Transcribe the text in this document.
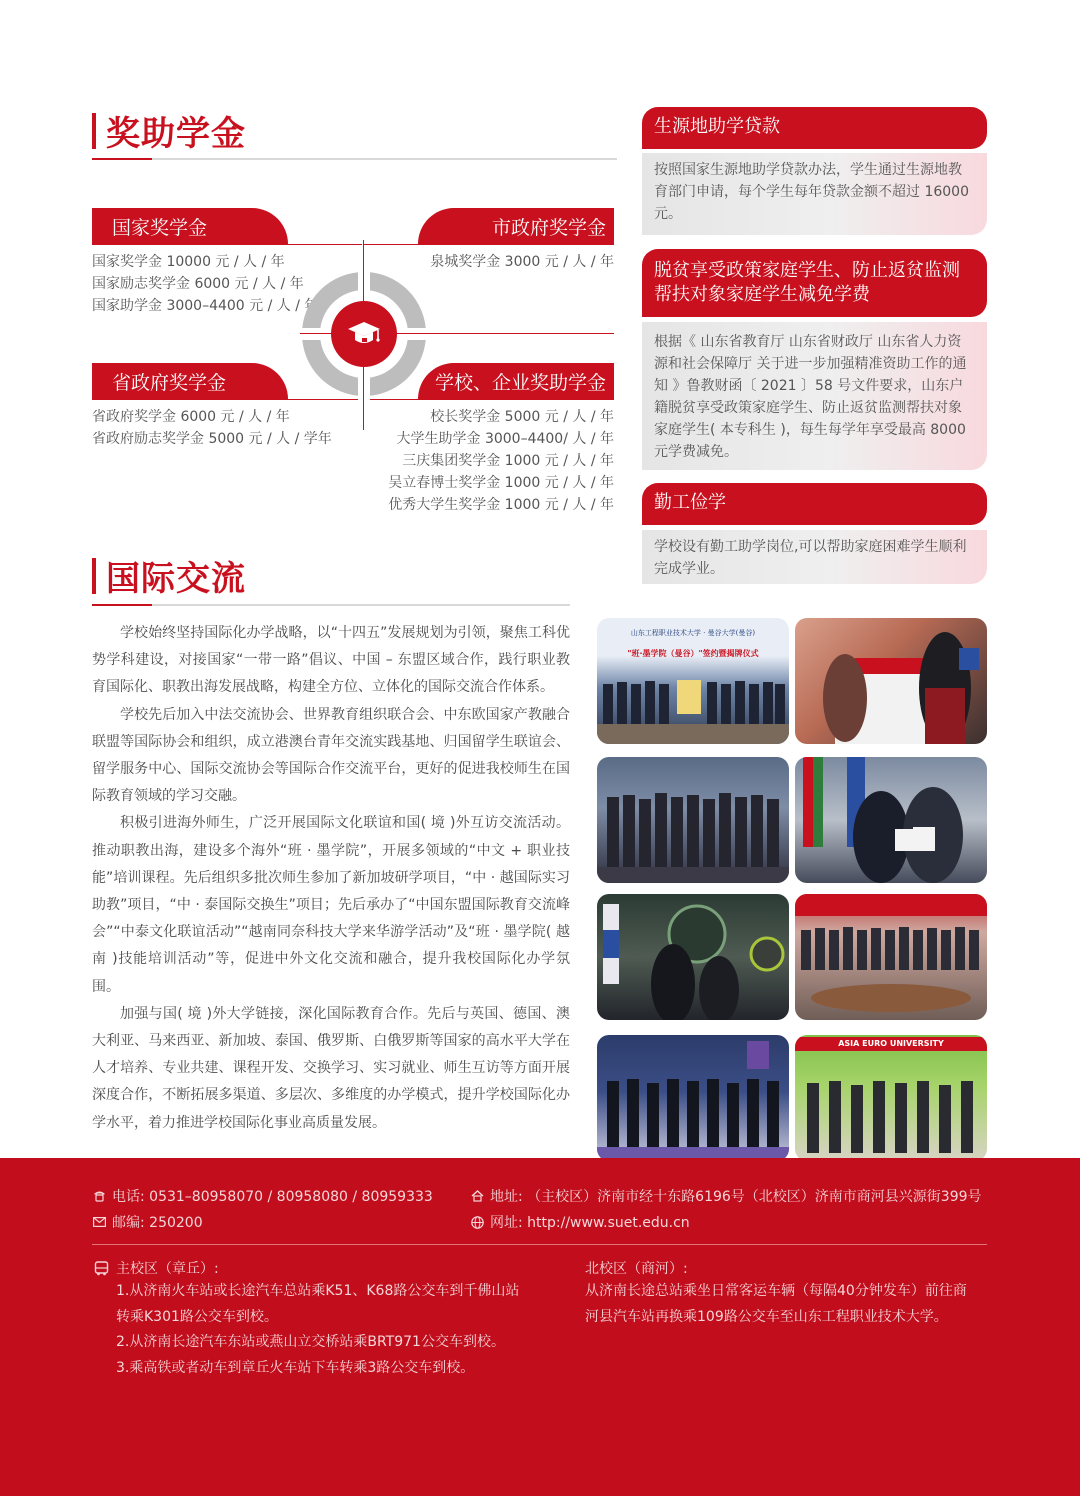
奖助学金
国家奖学金
国家奖学金 10000 元 / 人 / 年
国家励志奖学金 6000 元 / 人 / 年
国家助学金 3000–4400 元 / 人 / 年
市政府奖学金
泉城奖学金 3000 元 / 人 / 年
省政府奖学金
省政府奖学金 6000 元 / 人 / 年
省政府励志奖学金 5000 元 / 人 / 学年
学校、企业奖助学金
校长奖学金 5000 元 / 人 / 年
大学生助学金 3000–4400/ 人 / 年
三庆集团奖学金 1000 元 / 人 / 年
吴立春博士奖学金 1000 元 / 人 / 年
优秀大学生奖学金 1000 元 / 人 / 年
生源地助学贷款
按照国家生源地助学贷款办法，学生通过生源地教育部门申请，每个学生每年贷款金额不超过 16000 元。
脱贫享受政策家庭学生、防止返贫监测帮扶对象家庭学生减免学费
根据《 山东省教育厅 山东省财政厅 山东省人力资源和社会保障厅 关于进一步加强精准资助工作的通知 》鲁教财函〔 2021 〕58 号文件要求，山东户籍脱贫享受政策家庭学生、防止返贫监测帮扶对象家庭学生( 本专科生 )，每生每学年享受最高 8000 元学费减免。
勤工俭学
学校设有勤工助学岗位,可以帮助家庭困难学生顺利完成学业。
国际交流

学校始终坚持国际化办学战略，以“十四五”发展规划为引领，聚焦工科优势学科建设，对接国家“一带一路”倡议、中国 – 东盟区域合作，践行职业教育国际化、职教出海发展战略，构建全方位、立体化的国际交流合作体系。

学校先后加入中法交流协会、世界教育组织联合会、中东欧国家产教融合联盟等国际协会和组织，成立港澳台青年交流实践基地、归国留学生联谊会、留学服务中心、国际交流协会等国际合作交流平台，更好的促进我校师生在国际教育领域的学习交融。

积极引进海外师生，广泛开展国际文化联谊和国( 境 )外互访交流活动。推动职教出海，建设多个海外“班 · 墨学院”，开展多领域的“中文 + 职业技能”培训课程。先后组织多批次师生参加了新加坡研学项目，“中 · 越国际实习助教”项目，“中 · 泰国际交换生”项目；先后承办了“中国东盟国际教育交流峰会”“中泰文化联谊活动”“越南同奈科技大学来华游学活动”及“班 · 墨学院( 越南 )技能培训活动”等，促进中外文化交流和融合，提升我校国际化办学氛围。

加强与国( 境 )外大学链接，深化国际教育合作。先后与英国、德国、澳大利亚、马来西亚、新加坡、泰国、俄罗斯、白俄罗斯等国家的高水平大学在人才培养、专业共建、课程开发、交换学习、实习就业、师生互访等方面开展深度合作，不断拓展多渠道、多层次、多维度的办学模式，提升学校国际化办学水平，着力推进学校国际化事业高质量发展。

山东工程职业技术大学 · 曼谷大学(曼谷)
"班·墨学院（曼谷）"签约暨揭牌仪式
ASIA EURO UNIVERSITY
电话: 0531–80958070 / 80958080 / 80959333
邮编: 250200
地址: （主校区）济南市经十东路6196号（北校区）济南市商河县兴源街399号
网址: http://www.suet.edu.cn
主校区（章丘）:
1.从济南火车站或长途汽车总站乘K51、K68路公交车到千佛山站
转乘K301路公交车到校。
2.从济南长途汽车东站或燕山立交桥站乘BRT971公交车到校。
3.乘高铁或者动车到章丘火车站下车转乘3路公交车到校。
北校区（商河）:
从济南长途总站乘坐日常客运车辆（每隔40分钟发车）前往商
河县汽车站再换乘109路公交车至山东工程职业技术大学。
